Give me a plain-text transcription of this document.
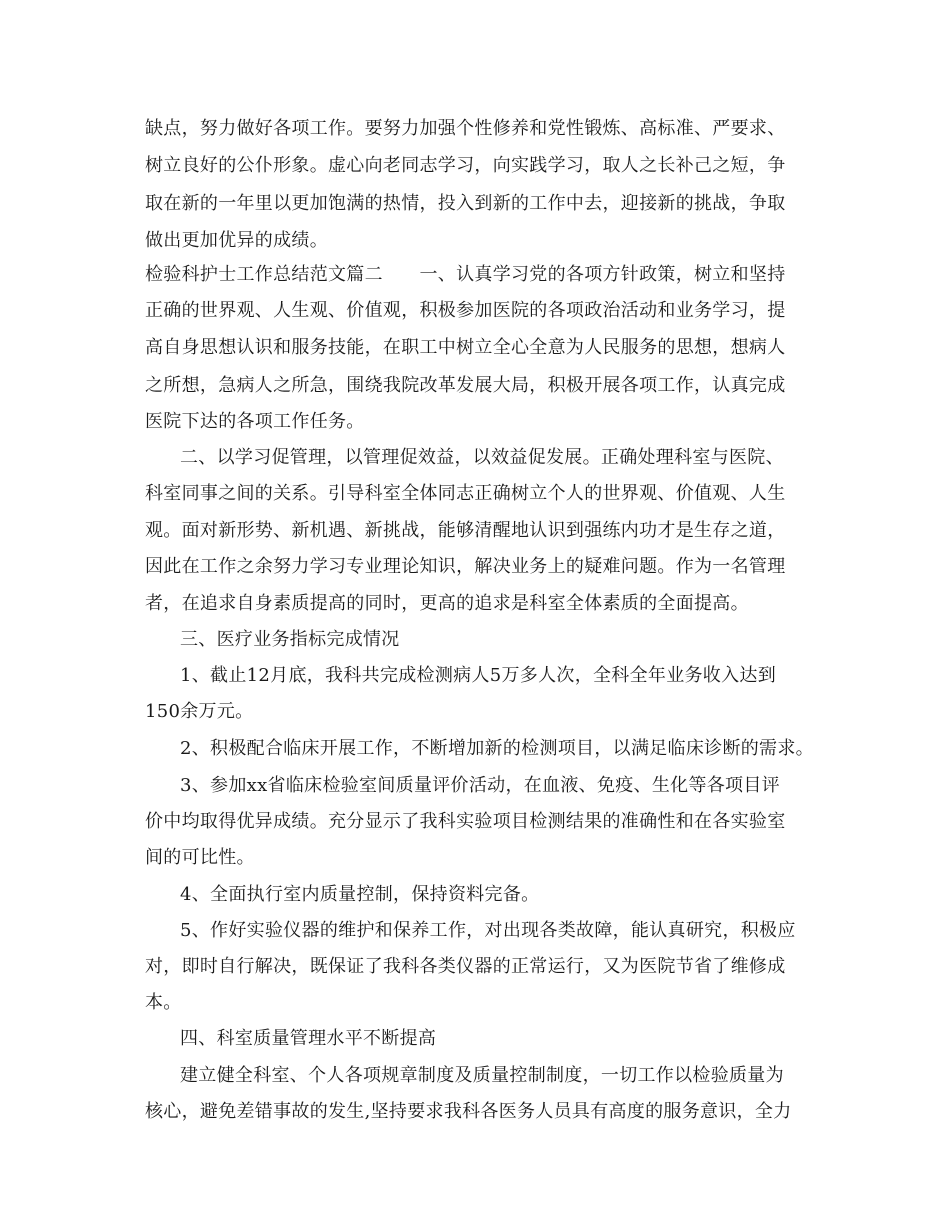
缺点，努力做好各项工作。要努力加强个性修养和党性锻炼、高标准、严要求、
树立良好的公仆形象。虚心向老同志学习，向实践学习，取人之长补己之短，争
取在新的一年里以更加饱满的热情，投入到新的工作中去，迎接新的挑战，争取
做出更加优异的成绩。
检验科护士工作总结范文篇二　　一、认真学习党的各项方针政策，树立和坚持
正确的世界观、人生观、价值观，积极参加医院的各项政治活动和业务学习，提
高自身思想认识和服务技能，在职工中树立全心全意为人民服务的思想，想病人
之所想，急病人之所急，围绕我院改革发展大局，积极开展各项工作，认真完成
医院下达的各项工作任务。
二、以学习促管理，以管理促效益，以效益促发展。正确处理科室与医院、
科室同事之间的关系。引导科室全体同志正确树立个人的世界观、价值观、人生
观。面对新形势、新机遇、新挑战，能够清醒地认识到强练内功才是生存之道，
因此在工作之余努力学习专业理论知识，解决业务上的疑难问题。作为一名管理
者，在追求自身素质提高的同时，更高的追求是科室全体素质的全面提高。
三、医疗业务指标完成情况
1、截止12月底，我科共完成检测病人5万多人次，全科全年业务收入达到
150余万元。
2、积极配合临床开展工作，不断增加新的检测项目，以满足临床诊断的需求。
3、参加xx省临床检验室间质量评价活动，在血液、免疫、生化等各项目评
价中均取得优异成绩。充分显示了我科实验项目检测结果的准确性和在各实验室
间的可比性。
4、全面执行室内质量控制，保持资料完备。
5、作好实验仪器的维护和保养工作，对出现各类故障，能认真研究，积极应
对，即时自行解决，既保证了我科各类仪器的正常运行，又为医院节省了维修成
本。
四、科室质量管理水平不断提高
建立健全科室、个人各项规章制度及质量控制制度，一切工作以检验质量为
核心，避免差错事故的发生,坚持要求我科各医务人员具有高度的服务意识，全力
